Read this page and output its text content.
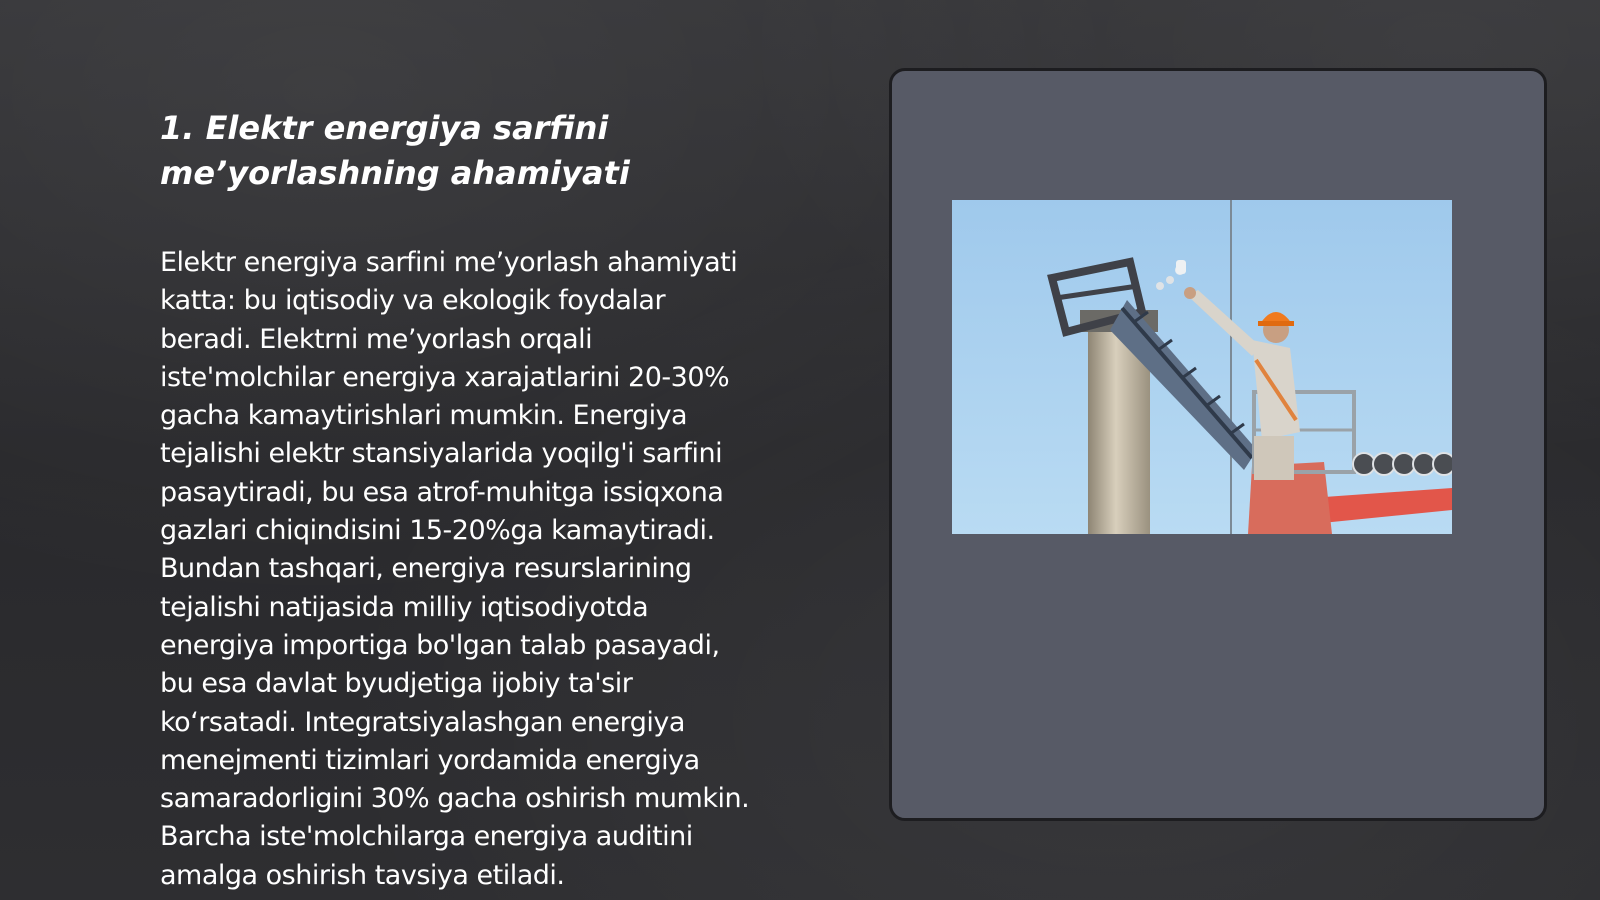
1. Elektr energiya sarfini
me’yorlashning ahamiyati

Elektr energiya sarfini me’yorlash ahamiyati
katta: bu iqtisodiy va ekologik foydalar
beradi. Elektrni me’yorlash orqali
iste'molchilar energiya xarajatlarini 20-30%
gacha kamaytirishlari mumkin. Energiya
tejalishi elektr stansiyalarida yoqilg'i sarfini
pasaytiradi, bu esa atrof-muhitga issiqxona
gazlari chiqindisini 15-20%ga kamaytiradi.
Bundan tashqari, energiya resurslarining
tejalishi natijasida milliy iqtisodiyotda
energiya importiga bo'lgan talab pasayadi,
bu esa davlat byudjetiga ijobiy ta'sir
ko‘rsatadi. Integratsiyalashgan energiya
menejmenti tizimlari yordamida energiya
samaradorligini 30% gacha oshirish mumkin.
Barcha iste'molchilarga energiya auditini
amalga oshirish tavsiya etiladi.
